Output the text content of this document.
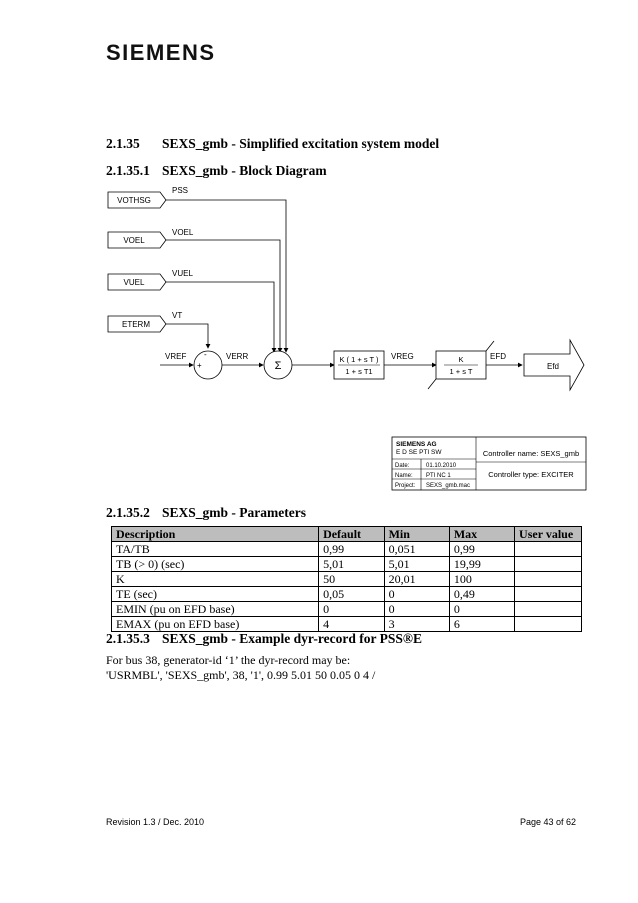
SIEMENS
2.1.35 SEXS_gmb - Simplified excitation system model
2.1.35.1 SEXS_gmb - Block Diagram
VOTHSG
VOEL
VUEL
ETERM
PSS
VOEL
VUEL
VT
-
+
VREF	VERR
Σ
K ( 1 + s T )
1 + s T1
VREG	K
1 + s T
EFD
Efd
SIEMENS AG
E D SE PTI SW
Date:	01.10.2010
Name: PTI NC 1
Project: SEXS_gmb.mac
Controller name: SEXS_gmb
Controller type: EXCITER
2.1.35.2 SEXS_gmb - Parameters
Description	Default	Min	Max	User value
TA/TB	0,99	0,051	0,99	
TB (> 0) (sec)	5,01	5,01	19,99	
K	50	20,01	100	
TE (sec)	0,05	0	0,49	
EMIN (pu on EFD base)	0	0	0	
EMAX (pu on EFD base)	4	3	6	
2.1.35.3 SEXS_gmb - Example dyr-record for PSS®E
For bus 38, generator-id ‘1’ the dyr-record may be:
'USRMBL', 'SEXS_gmb', 38, '1', 0.99 5.01 50 0.05 0 4 /
Revision 1.3 / Dec. 2010	Page 43 of 62
